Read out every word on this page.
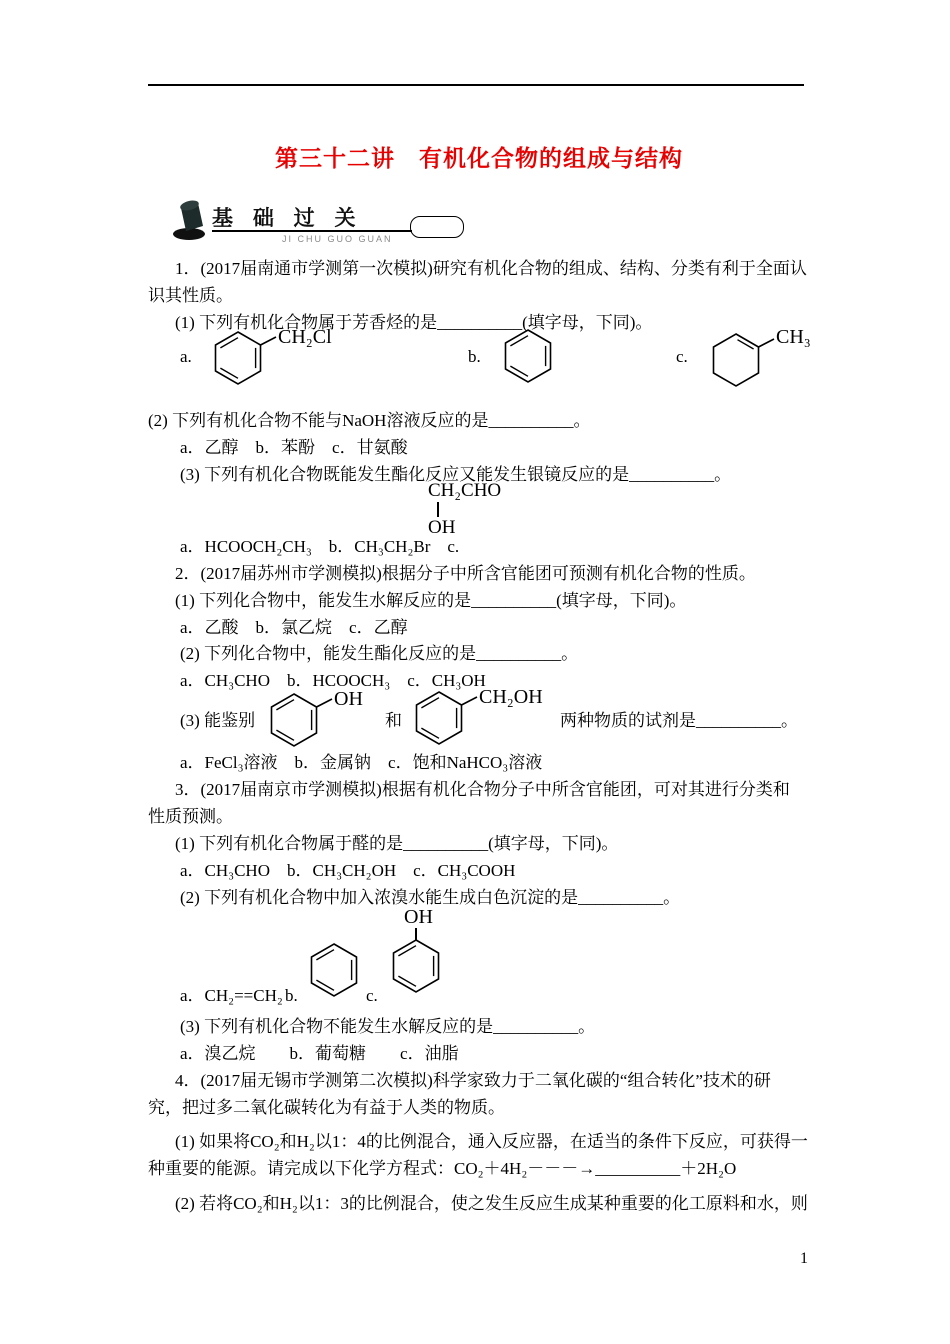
第三十二讲　有机化合物的组成与结构
基 础 过 关
JI CHU GUO GUAN
1．(2017届南通市学测第一次模拟)研究有机化合物的组成、结构、分类有利于全面认
识其性质。
(1) 下列有机化合物属于芳香烃的是__________(填字母，下同)。
a.
CH₂Cl
b.	c.
CH₃
(2) 下列有机化合物不能与NaOH溶液反应的是__________。
a．乙醇　b．苯酚　c．甘氨酸
(3) 下列有机化合物既能发生酯化反应又能发生银镜反应的是__________。
CH₂CHO
OH
a．HCOOCH₂CH₃　b．CH₃CH₂Br　c.
2．(2017届苏州市学测模拟)根据分子中所含官能团可预测有机化合物的性质。
(1) 下列化合物中，能发生水解反应的是__________(填字母，下同)。
a．乙酸　b．氯乙烷　c．乙醇
(2) 下列化合物中，能发生酯化反应的是__________。
a．CH₃CHO　b．HCOOCH₃　c．CH₃OH
(3) 能鉴别
OH
和
CH₂OH
两种物质的试剂是__________。
a．FeCl₃溶液　b．金属钠　c．饱和NaHCO₃溶液
3．(2017届南京市学测模拟)根据有机化合物分子中所含官能团，可对其进行分类和
性质预测。
(1) 下列有机化合物属于醛的是__________(填字母，下同)。
a．CH₃CHO　b．CH₃CH₂OH　c．CH₃COOH
(2) 下列有机化合物中加入浓溴水能生成白色沉淀的是__________。
OH
a．CH₂==CH₂ b.	c.
(3) 下列有机化合物不能发生水解反应的是__________。
a．溴乙烷　　b．葡萄糖　　c．油脂
4．(2017届无锡市学测第二次模拟)科学家致力于二氧化碳的“组合转化”技术的研
究，把过多二氧化碳转化为有益于人类的物质。
(1) 如果将CO₂和H₂以1：4的比例混合，通入反应器，在适当的条件下反应，可获得一
种重要的能源。请完成以下化学方程式：CO₂＋4H₂－－－→__________＋2H₂O
(2) 若将CO₂和H₂以1：3的比例混合，使之发生反应生成某种重要的化工原料和水，则
1
